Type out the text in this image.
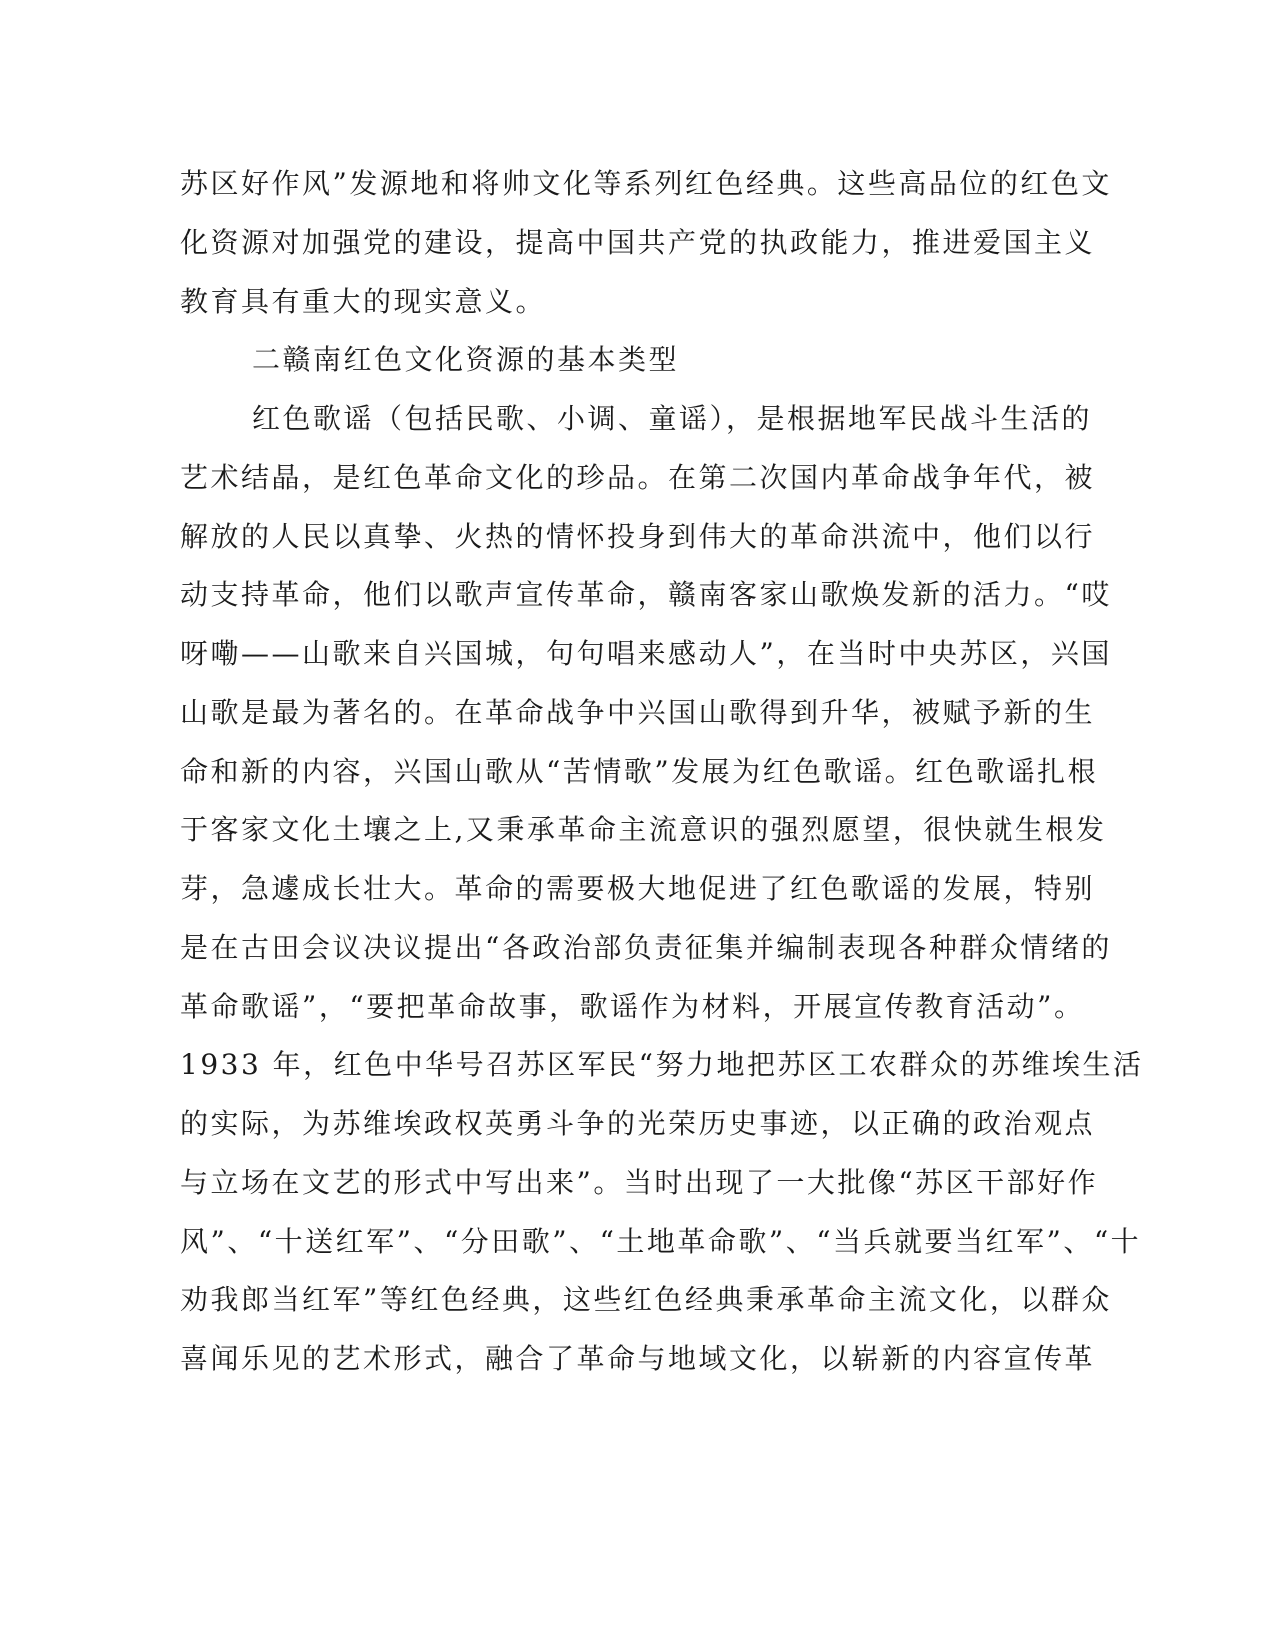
苏区好作风”发源地和将帅文化等系列红色经典。这些高品位的红色文
化资源对加强党的建设，提高中国共产党的执政能力，推进爱国主义
教育具有重大的现实意义。
二赣南红色文化资源的基本类型
红色歌谣（包括民歌、小调、童谣），是根据地军民战斗生活的
艺术结晶，是红色革命文化的珍品。在第二次国内革命战争年代，被
解放的人民以真挚、火热的情怀投身到伟大的革命洪流中，他们以行
动支持革命，他们以歌声宣传革命，赣南客家山歌焕发新的活力。“哎
呀嘞——山歌来自兴国城，句句唱来感动人”，在当时中央苏区，兴国
山歌是最为著名的。在革命战争中兴国山歌得到升华，被赋予新的生
命和新的内容，兴国山歌从“苦情歌”发展为红色歌谣。红色歌谣扎根
于客家文化土壤之上,又秉承革命主流意识的强烈愿望，很快就生根发
芽，急遽成长壮大。革命的需要极大地促进了红色歌谣的发展，特别
是在古田会议决议提出“各政治部负责征集并编制表现各种群众情绪的
革命歌谣”，“要把革命故事，歌谣作为材料，开展宣传教育活动”。
1933 年，红色中华号召苏区军民“努力地把苏区工农群众的苏维埃生活
的实际，为苏维埃政权英勇斗争的光荣历史事迹，以正确的政治观点
与立场在文艺的形式中写出来”。当时出现了一大批像“苏区干部好作
风”、“十送红军”、“分田歌”、“土地革命歌”、“当兵就要当红军”、“十
劝我郎当红军”等红色经典，这些红色经典秉承革命主流文化，以群众
喜闻乐见的艺术形式，融合了革命与地域文化，以崭新的内容宣传革
